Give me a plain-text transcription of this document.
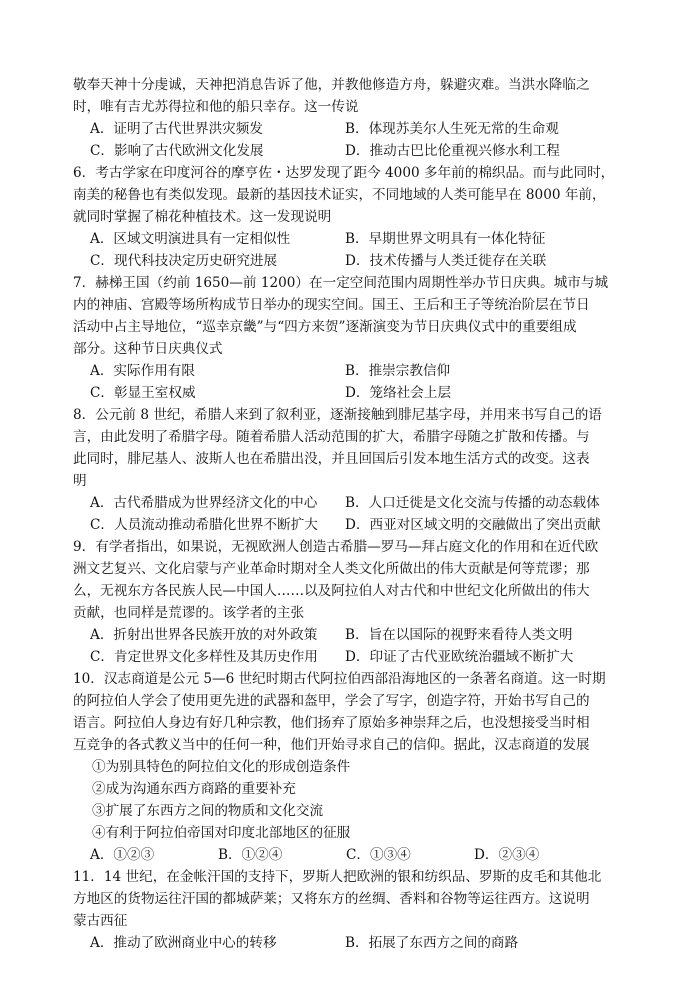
敬奉天神十分虔诚，天神把消息告诉了他，并教他修造方舟，躲避灾难。当洪水降临之
时，唯有吉尤苏得拉和他的船只幸存。这一传说
A．证明了古代世界洪灾频发	B．体现苏美尔人生死无常的生命观
C．影响了古代欧洲文化发展	D．推动古巴比伦重视兴修水利工程
6．考古学家在印度河谷的摩亨佐・达罗发现了距今 4000 多年前的棉织品。而与此同时，
南美的秘鲁也有类似发现。最新的基因技术证实，不同地域的人类可能早在 8000 年前，
就同时掌握了棉花种植技术。这一发现说明
A．区域文明演进具有一定相似性	B．早期世界文明具有一体化特征
C．现代科技决定历史研究进展	D．技术传播与人类迁徙存在关联
7．赫梯王国（约前 1650—前 1200）在一定空间范围内周期性举办节日庆典。城市与城
内的神庙、宫殿等场所构成节日举办的现实空间。国王、王后和王子等统治阶层在节日
活动中占主导地位，“巡幸京畿”与“四方来贺”逐渐演变为节日庆典仪式中的重要组成
部分。这种节日庆典仪式
A．实际作用有限	B．推崇宗教信仰
C．彰显王室权威	D．笼络社会上层
8．公元前 8 世纪，希腊人来到了叙利亚，逐渐接触到腓尼基字母，并用来书写自己的语
言，由此发明了希腊字母。随着希腊人活动范围的扩大，希腊字母随之扩散和传播。与
此同时，腓尼基人、波斯人也在希腊出没，并且回国后引发本地生活方式的改变。这表
明
A．古代希腊成为世界经济文化的中心 B．人口迁徙是文化交流与传播的动态载体
C．人员流动推动希腊化世界不断扩大 D．西亚对区域文明的交融做出了突出贡献
9．有学者指出，如果说，无视欧洲人创造古希腊—罗马—拜占庭文化的作用和在近代欧
洲文艺复兴、文化启蒙与产业革命时期对全人类文化所做出的伟大贡献是何等荒谬；那
么，无视东方各民族人民—中国人……以及阿拉伯人对古代和中世纪文化所做出的伟大
贡献，也同样是荒谬的。该学者的主张
A．折射出世界各民族开放的对外政策 B．旨在以国际的视野来看待人类文明
C．肯定世界文化多样性及其历史作用 D．印证了古代亚欧统治疆域不断扩大
10．汉志商道是公元 5—6 世纪时期古代阿拉伯西部沿海地区的一条著名商道。这一时期
的阿拉伯人学会了使用更先进的武器和盔甲，学会了写字，创造字符，开始书写自己的
语言。阿拉伯人身边有好几种宗教，他们扬弃了原始多神崇拜之后，也没想接受当时相
互竞争的各式教义当中的任何一种，他们开始寻求自己的信仰。据此，汉志商道的发展
①为别具特色的阿拉伯文化的形成创造条件
②成为沟通东西方商路的重要补充
③扩展了东西方之间的物质和文化交流
④有利于阿拉伯帝国对印度北部地区的征服
A．①②③	B．①②④	C．①③④	D．②③④
11．14 世纪，在金帐汗国的支持下，罗斯人把欧洲的银和纺织品、罗斯的皮毛和其他北
方地区的货物运往汗国的都城萨莱；又将东方的丝绸、香料和谷物等运往西方。这说明
蒙古西征
A．推动了欧洲商业中心的转移	B．拓展了东西方之间的商路
